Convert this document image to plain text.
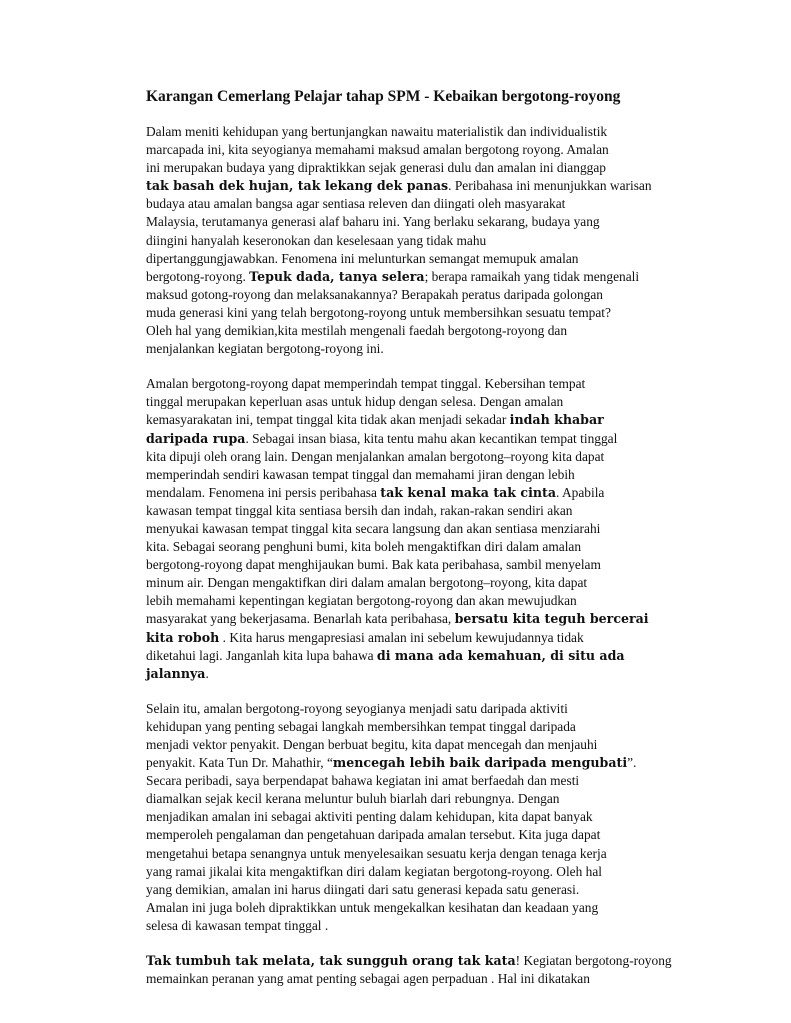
Karangan Cemerlang Pelajar tahap SPM - Kebaikan bergotong-royong
Dalam meniti kehidupan yang bertunjangkan nawaitu materialistik dan individualistik
marcapada ini, kita seyogianya memahami maksud amalan bergotong royong. Amalan
ini merupakan budaya yang dipraktikkan sejak generasi dulu dan amalan ini dianggap
tak basah dek hujan, tak lekang dek panas. Peribahasa ini menunjukkan warisan
budaya atau amalan bangsa agar sentiasa releven dan diingati oleh masyarakat
Malaysia, terutamanya generasi alaf baharu ini. Yang berlaku sekarang, budaya yang
diingini hanyalah keseronokan dan keselesaan yang tidak mahu
dipertanggungjawabkan. Fenomena ini melunturkan semangat memupuk amalan
bergotong-royong. Tepuk dada, tanya selera; berapa ramaikah yang tidak mengenali
maksud gotong-royong dan melaksanakannya? Berapakah peratus daripada golongan
muda generasi kini yang telah bergotong-royong untuk membersihkan sesuatu tempat?
Oleh hal yang demikian,kita mestilah mengenali faedah bergotong-royong dan
menjalankan kegiatan bergotong-royong ini.
Amalan bergotong-royong dapat memperindah tempat tinggal. Kebersihan tempat
tinggal merupakan keperluan asas untuk hidup dengan selesa. Dengan amalan
kemasyarakatan ini, tempat tinggal kita tidak akan menjadi sekadar indah khabar
daripada rupa. Sebagai insan biasa, kita tentu mahu akan kecantikan tempat tinggal
kita dipuji oleh orang lain. Dengan menjalankan amalan bergotong–royong kita dapat
memperindah sendiri kawasan tempat tinggal dan memahami jiran dengan lebih
mendalam. Fenomena ini persis peribahasa tak kenal maka tak cinta. Apabila
kawasan tempat tinggal kita sentiasa bersih dan indah, rakan-rakan sendiri akan
menyukai kawasan tempat tinggal kita secara langsung dan akan sentiasa menziarahi
kita. Sebagai seorang penghuni bumi, kita boleh mengaktifkan diri dalam amalan
bergotong-royong dapat menghijaukan bumi. Bak kata peribahasa, sambil menyelam
minum air. Dengan mengaktifkan diri dalam amalan bergotong–royong, kita dapat
lebih memahami kepentingan kegiatan bergotong-royong dan akan mewujudkan
masyarakat yang bekerjasama. Benarlah kata peribahasa, bersatu kita teguh bercerai
kita roboh . Kita harus mengapresiasi amalan ini sebelum kewujudannya tidak
diketahui lagi. Janganlah kita lupa bahawa di mana ada kemahuan, di situ ada
jalannya.
Selain itu, amalan bergotong-royong seyogianya menjadi satu daripada aktiviti
kehidupan yang penting sebagai langkah membersihkan tempat tinggal daripada
menjadi vektor penyakit. Dengan berbuat begitu, kita dapat mencegah dan menjauhi
penyakit. Kata Tun Dr. Mahathir, “mencegah lebih baik daripada mengubati”.
Secara peribadi, saya berpendapat bahawa kegiatan ini amat berfaedah dan mesti
diamalkan sejak kecil kerana meluntur buluh biarlah dari rebungnya. Dengan
menjadikan amalan ini sebagai aktiviti penting dalam kehidupan, kita dapat banyak
memperoleh pengalaman dan pengetahuan daripada amalan tersebut. Kita juga dapat
mengetahui betapa senangnya untuk menyelesaikan sesuatu kerja dengan tenaga kerja
yang ramai jikalai kita mengaktifkan diri dalam kegiatan bergotong-royong. Oleh hal
yang demikian, amalan ini harus diingati dari satu generasi kepada satu generasi.
Amalan ini juga boleh dipraktikkan untuk mengekalkan kesihatan dan keadaan yang
selesa di kawasan tempat tinggal .
Tak tumbuh tak melata, tak sungguh orang tak kata! Kegiatan bergotong-royong
memainkan peranan yang amat penting sebagai agen perpaduan . Hal ini dikatakan
